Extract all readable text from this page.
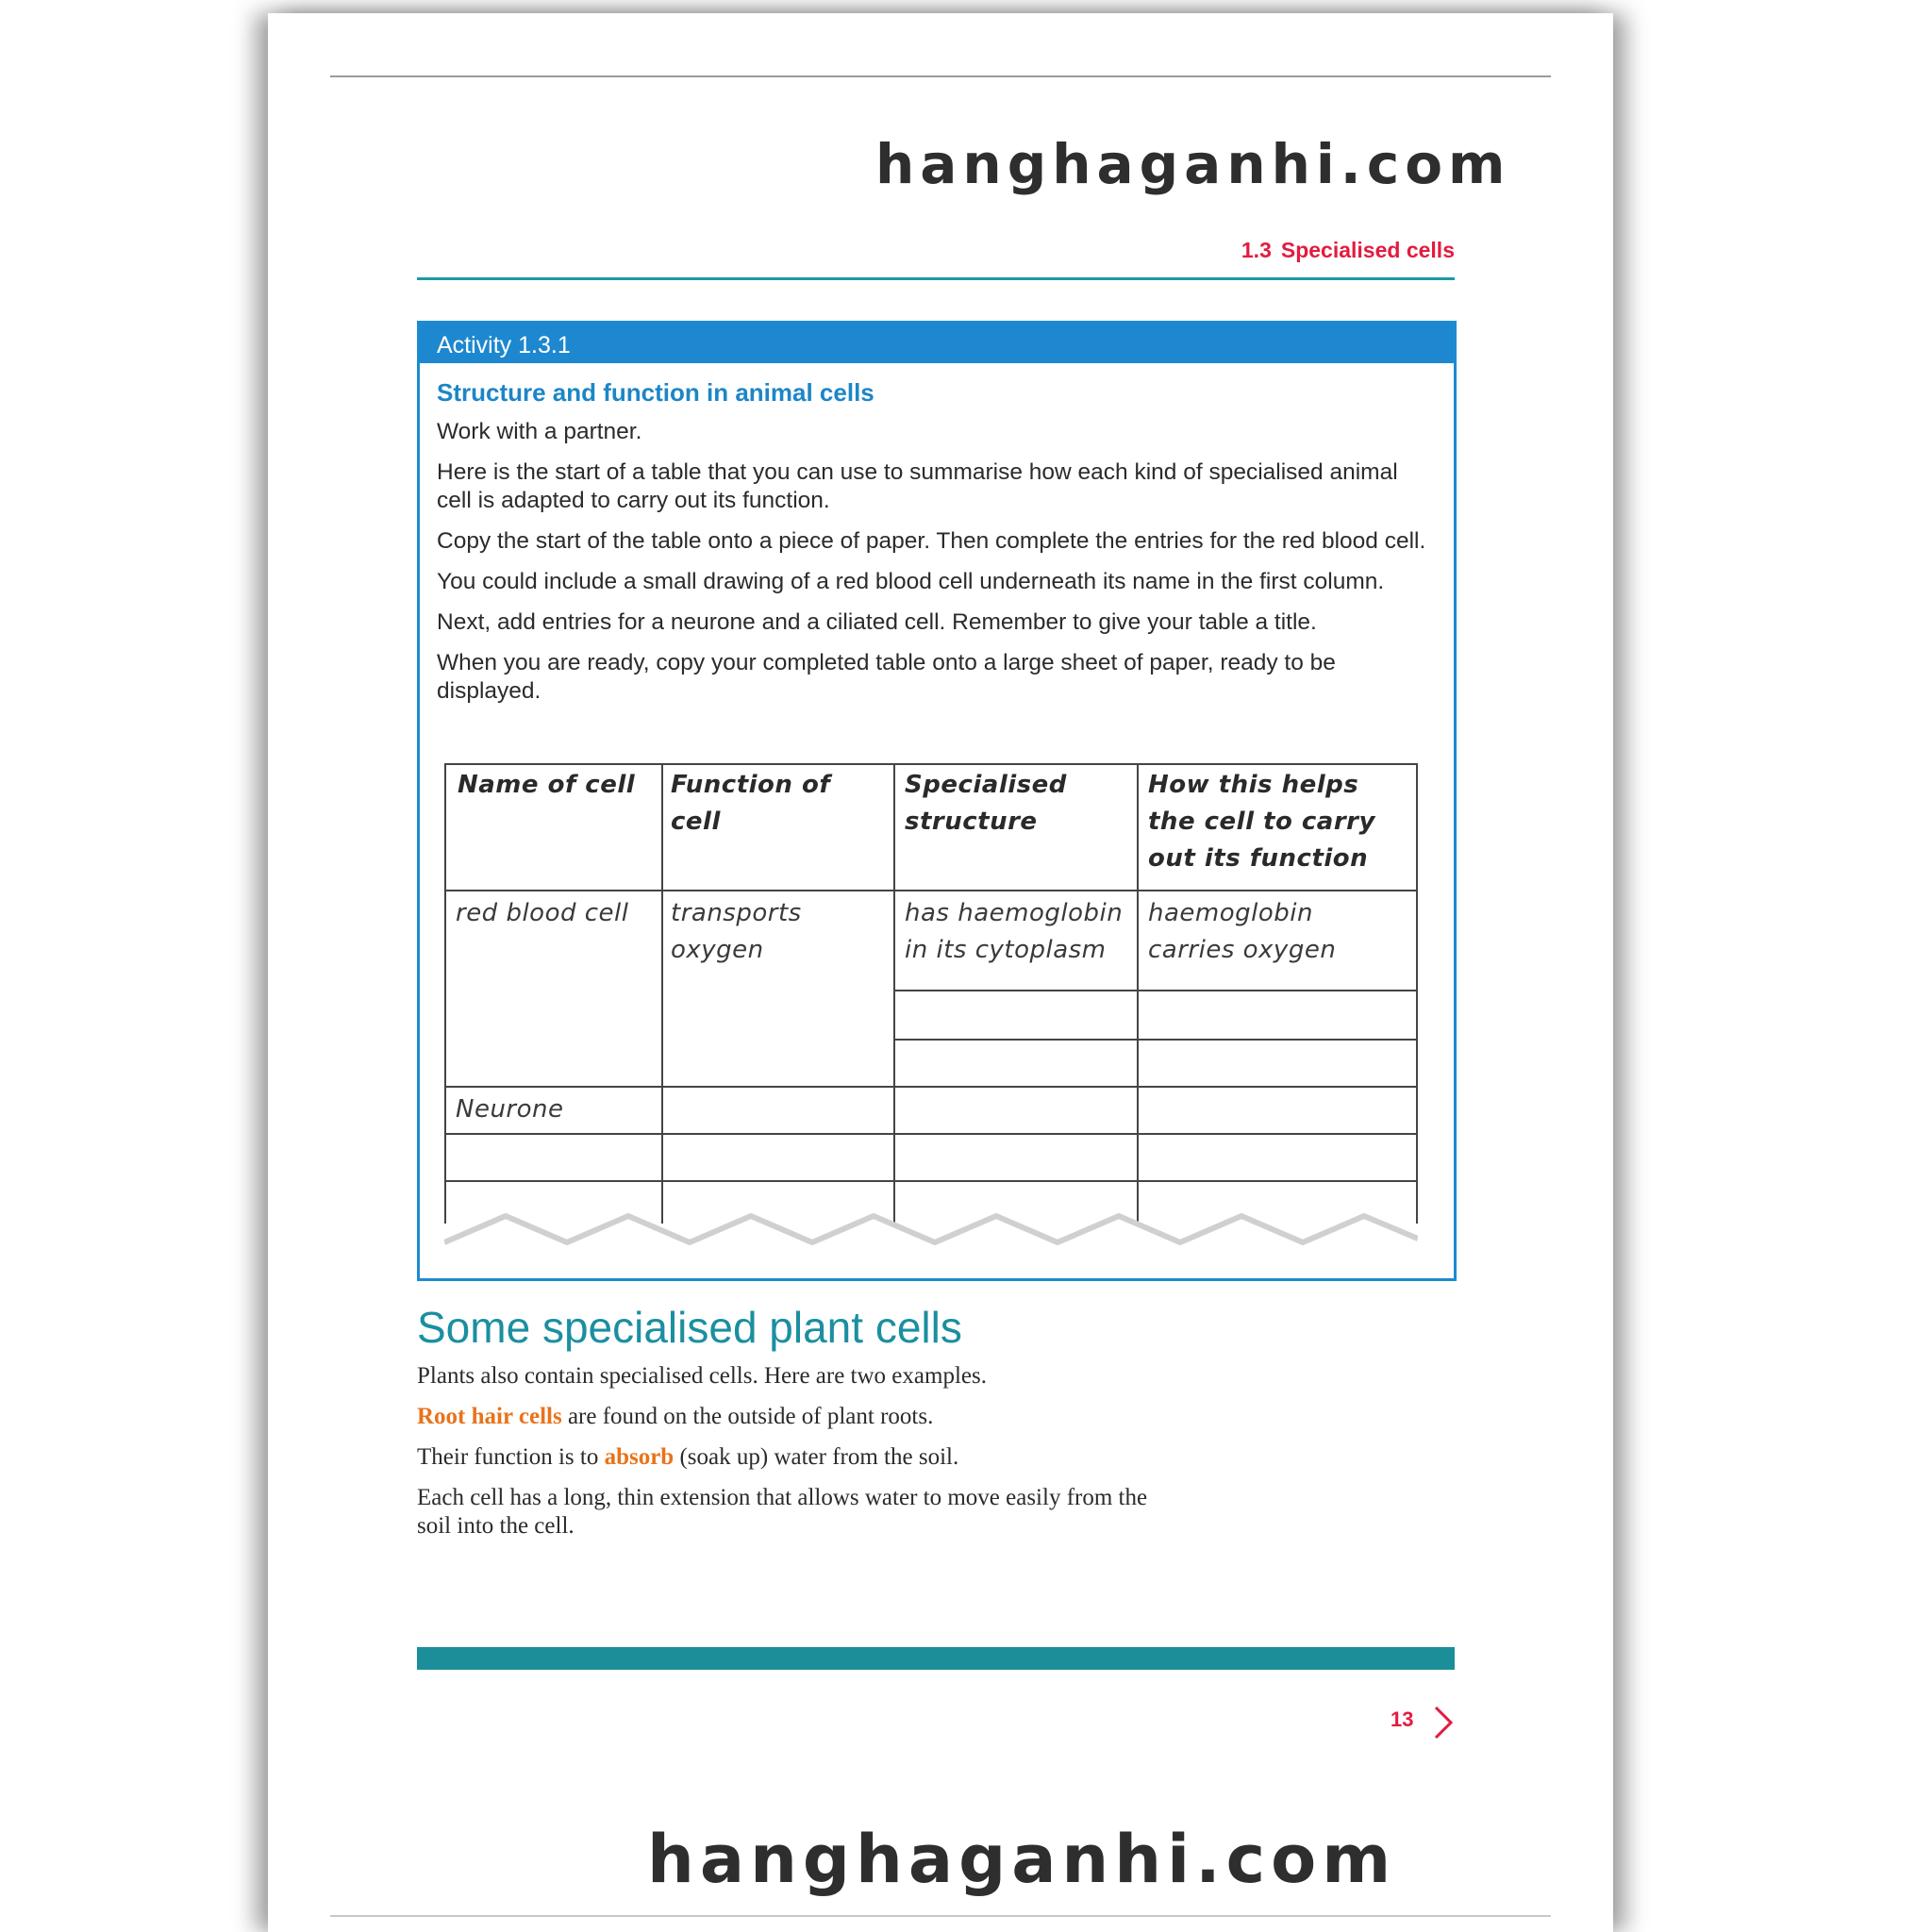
hanghaganhi.com
1.3 Specialised cells
Activity 1.3.1
Structure and function in animal cells

Work with a partner.

Here is the start of a table that you can use to summarise how each kind of specialised animal cell is adapted to carry out its function.

Copy the start of the table onto a piece of paper. Then complete the entries for the red blood cell.

You could include a small drawing of a red blood cell underneath its name in the first column.

Next, add entries for a neurone and a ciliated cell. Remember to give your table a title.

When you are ready, copy your completed table onto a large sheet of paper, ready to be displayed.

Name of cell	Function of cell
Specialised structure
How this helps the cell to carry out its function
red blood cell	transports oxygen
has haemoglobin in its cytoplasm
haemoglobin carries oxygen
Neurone
Some specialised plant cells

Plants also contain specialised cells. Here are two examples.

Root hair cells are found on the outside of plant roots.

Their function is to absorb (soak up) water from the soil.

Each cell has a long, thin extension that allows water to move easily from the soil into the cell.

13
hanghaganhi.com
